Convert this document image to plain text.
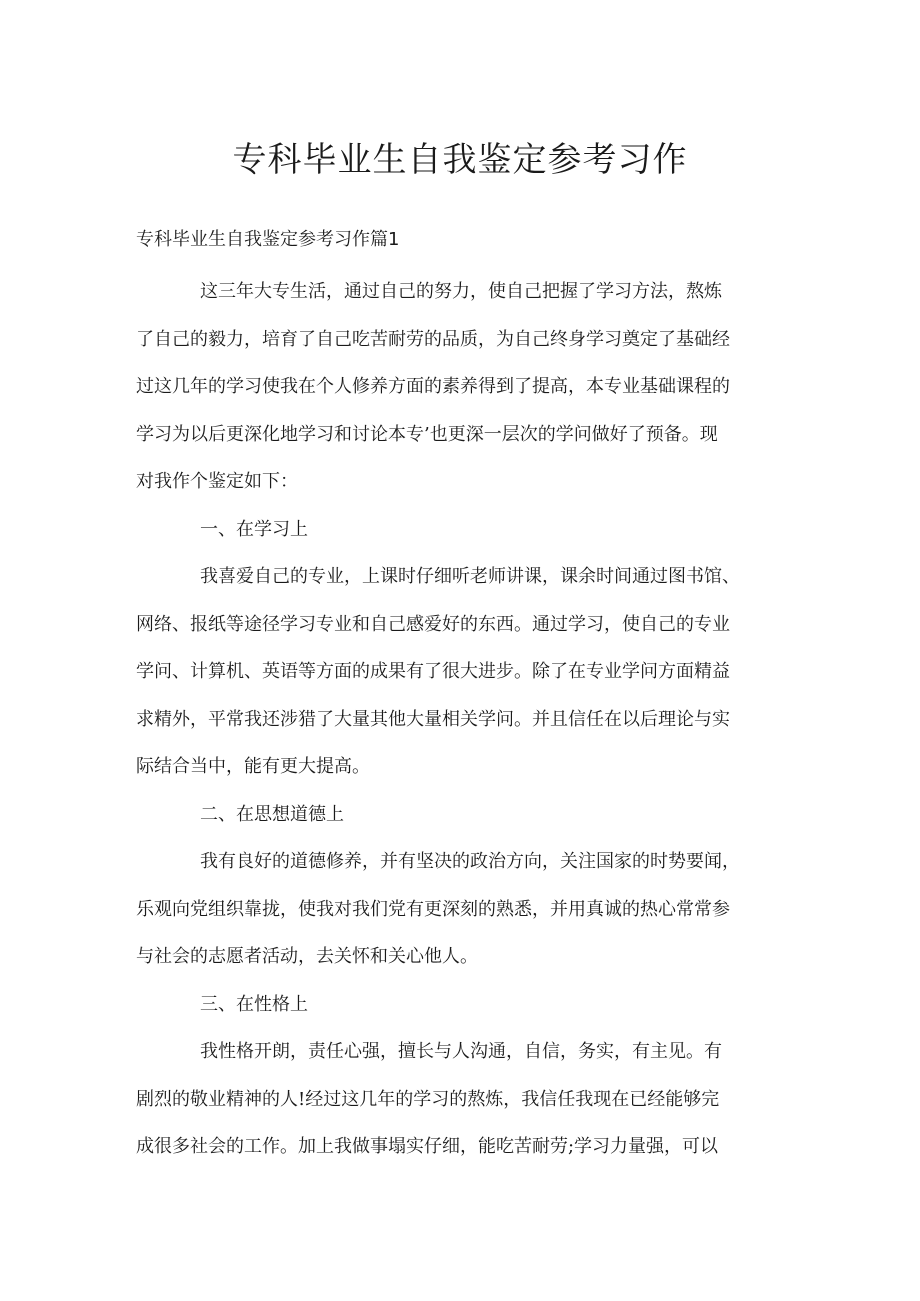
专科毕业生自我鉴定参考习作

专科毕业生自我鉴定参考习作篇1

这三年大专生活，通过自己的努力，使自己把握了学习方法，熬炼
了自己的毅力，培育了自己吃苦耐劳的品质，为自己终身学习奠定了基础经
过这几年的学习使我在个人修养方面的素养得到了提高，本专业基础课程的
学习为以后更深化地学习和讨论本专’也更深一层次的学问做好了预备。现
对我作个鉴定如下：
一、在学习上
我喜爱自己的专业，上课时仔细听老师讲课，课余时间通过图书馆、
网络、报纸等途径学习专业和自己感爱好的东西。通过学习，使自己的专业
学问、计算机、英语等方面的成果有了很大进步。除了在专业学问方面精益
求精外，平常我还涉猎了大量其他大量相关学问。并且信任在以后理论与实
际结合当中，能有更大提高。
二、在思想道德上
我有良好的道德修养，并有坚决的政治方向，关注国家的时势要闻，
乐观向党组织靠拢，使我对我们党有更深刻的熟悉，并用真诚的热心常常参
与社会的志愿者活动，去关怀和关心他人。
三、在性格上
我性格开朗，责任心强，擅长与人沟通，自信，务实，有主见。有
剧烈的敬业精神的人!经过这几年的学习的熬炼，我信任我现在已经能够完
成很多社会的工作。加上我做事塌实仔细，能吃苦耐劳;学习力量强，可以
